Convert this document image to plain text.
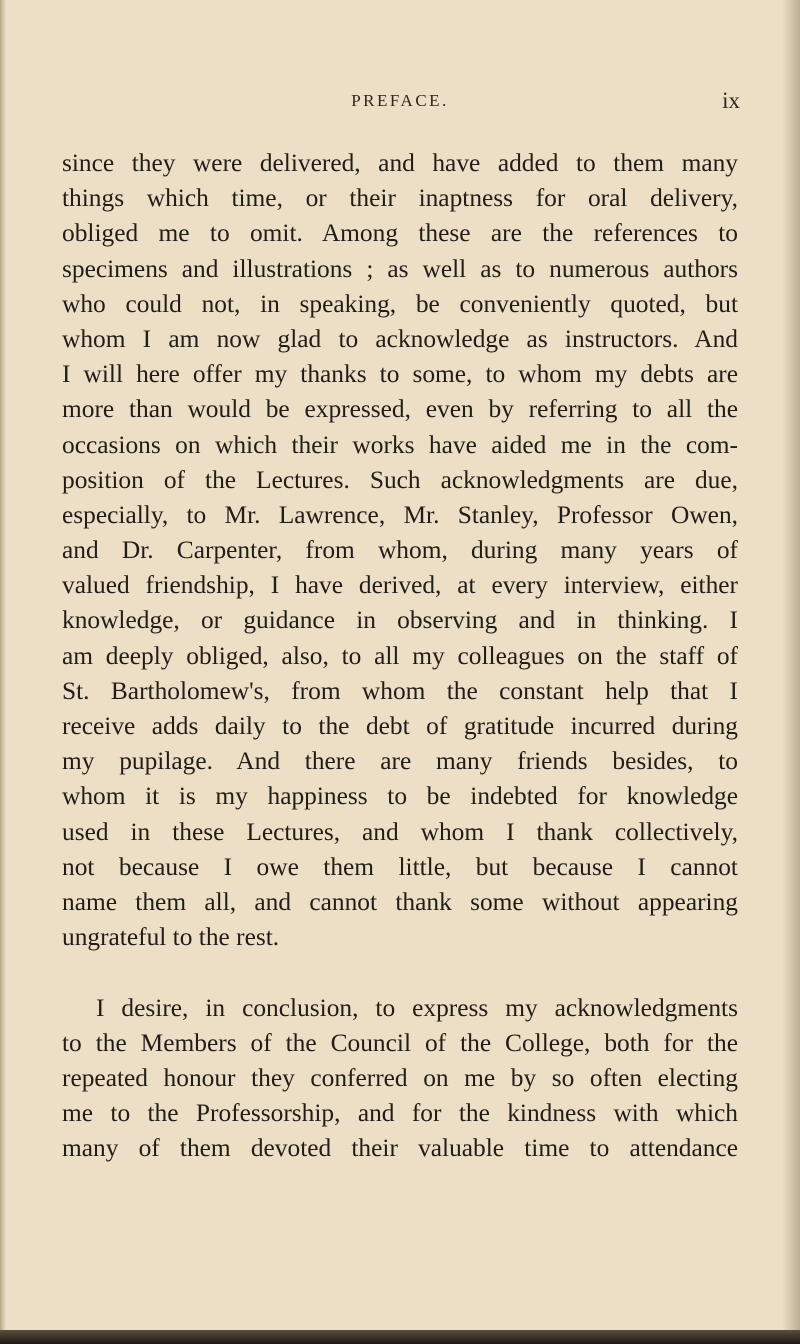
PREFACE.	ix
since they were delivered, and have added to them many
things which time, or their inaptness for oral delivery,
obliged me to omit. Among these are the references to
specimens and illustrations ; as well as to numerous authors
who could not, in speaking, be conveniently quoted, but
whom I am now glad to acknowledge as instructors. And
I will here offer my thanks to some, to whom my debts are
more than would be expressed, even by referring to all the
occasions on which their works have aided me in the com-
position of the Lectures. Such acknowledgments are due,
especially, to Mr. Lawrence, Mr. Stanley, Professor Owen,
and Dr. Carpenter, from whom, during many years of
valued friendship, I have derived, at every interview, either
knowledge, or guidance in observing and in thinking. I
am deeply obliged, also, to all my colleagues on the staff of
St. Bartholomew's, from whom the constant help that I
receive adds daily to the debt of gratitude incurred during
my pupilage. And there are many friends besides, to
whom it is my happiness to be indebted for knowledge
used in these Lectures, and whom I thank collectively,
not because I owe them little, but because I cannot
name them all, and cannot thank some without appearing
ungrateful to the rest.
I desire, in conclusion, to express my acknowledgments
to the Members of the Council of the College, both for the
repeated honour they conferred on me by so often electing
me to the Professorship, and for the kindness with which
many of them devoted their valuable time to attendance
